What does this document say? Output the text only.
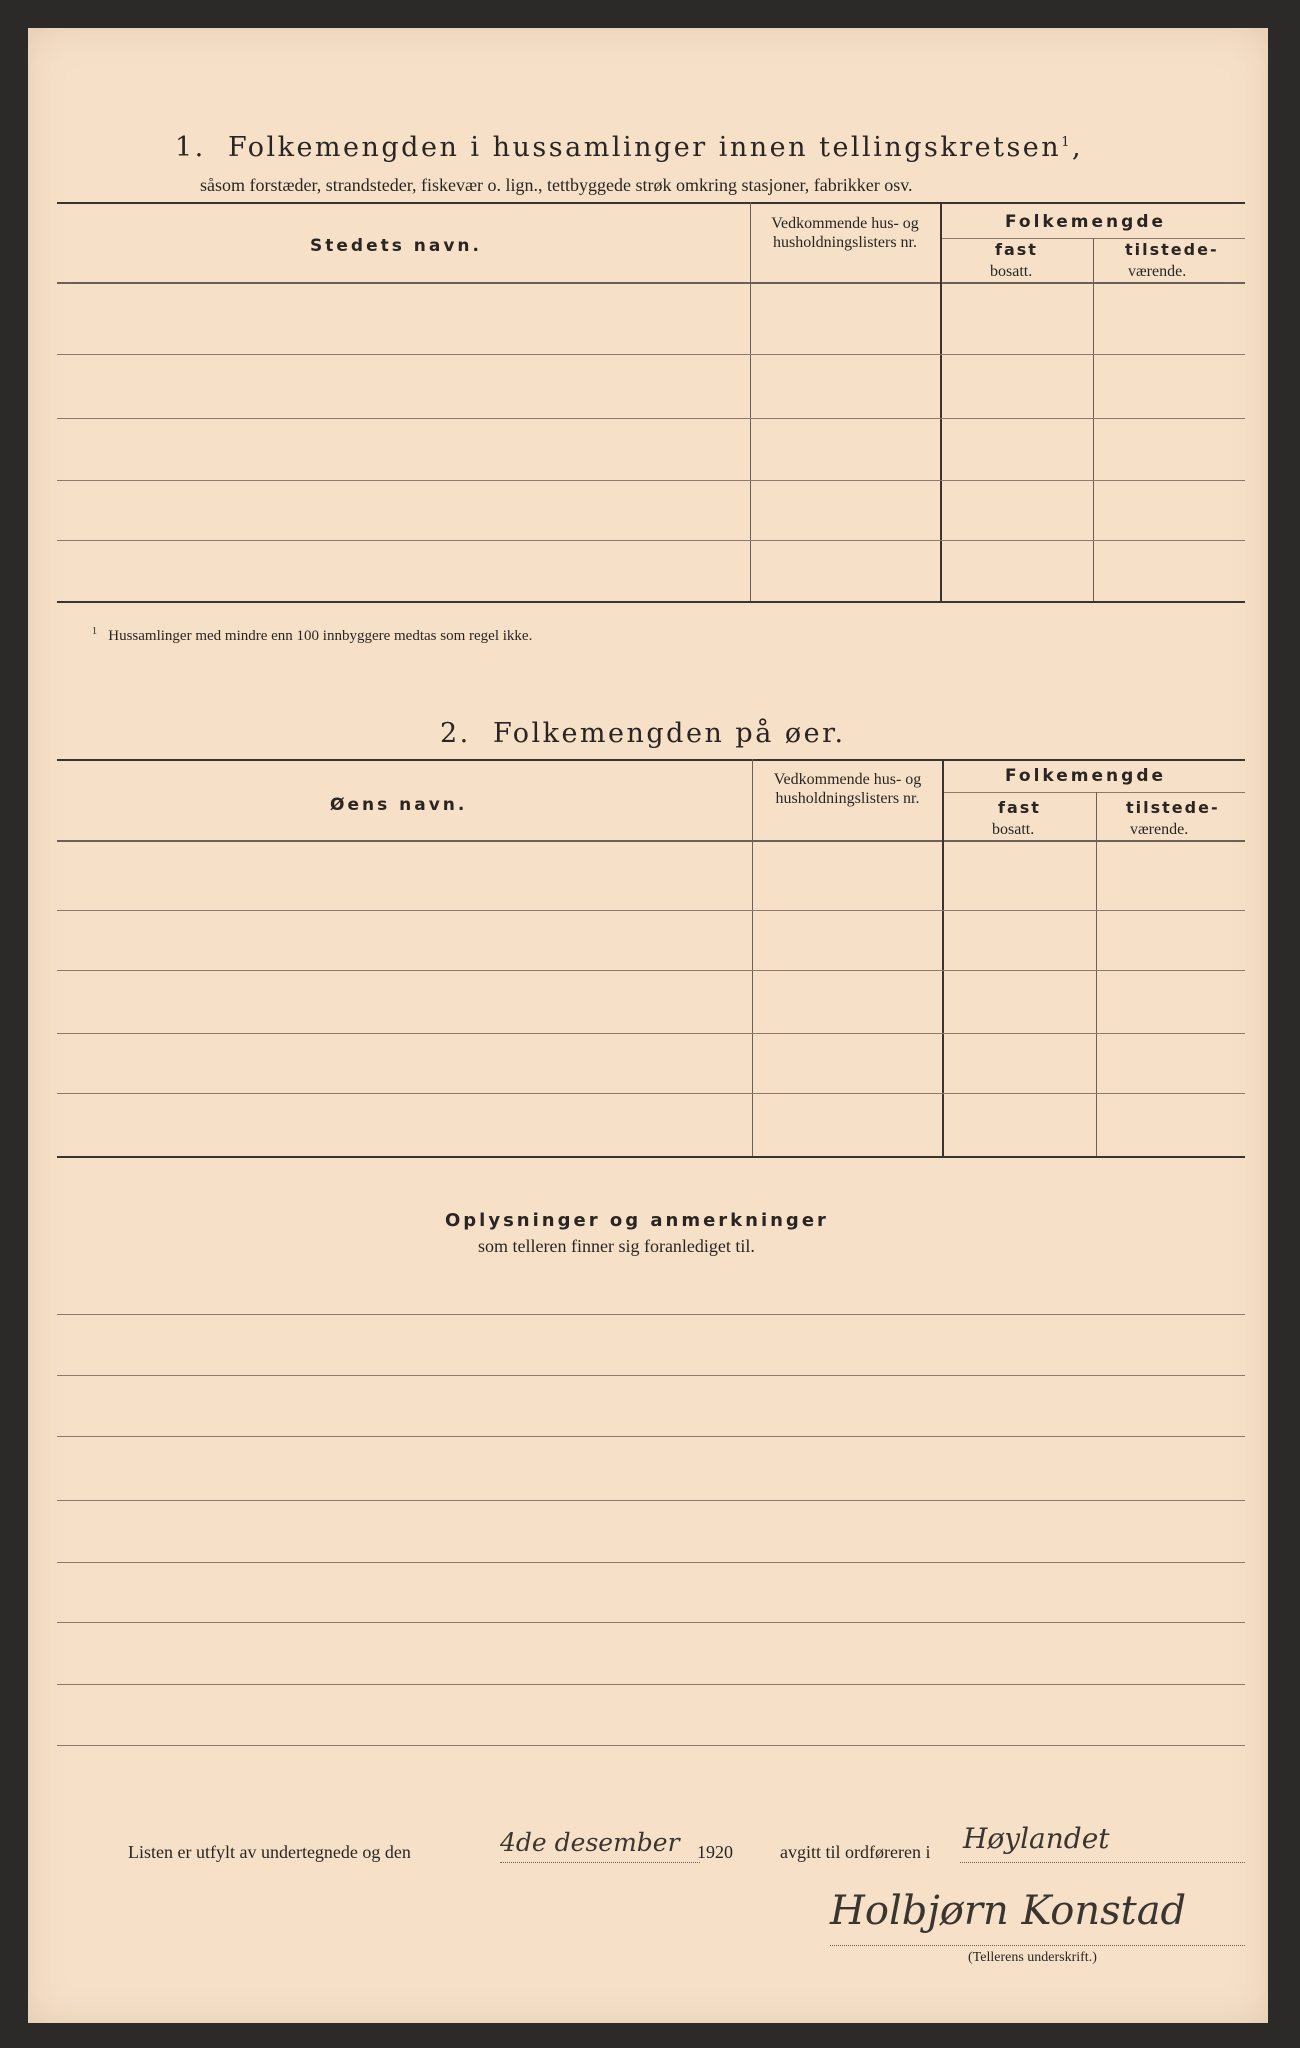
1. Folkemengden i hussamlinger innen tellingskretsen$^1$,
såsom forstæder, strandsteder, fiskevær o. lign., tettbyggede strøk omkring stasjoner, fabrikker osv.
Stedets navn.
Vedkommende hus- og husholdningslisters nr.
Folkemengde
fast
bosatt.
tilstede-
værende.
$^1$ Hussamlinger med mindre enn 100 innbyggere medtas som regel ikke.
2. Folkemengden på øer.
Øens navn.
Vedkommende hus- og husholdningslisters nr.
Folkemengde
fast
bosatt.
tilstede-
værende.
Oplysninger og anmerkninger
som telleren finner sig foranlediget til.
Listen er utfylt av undertegnede og den	4de desember 1920	avgitt til ordføreren i Høylandet
Holbjørn Konstad
(Tellerens underskrift.)
